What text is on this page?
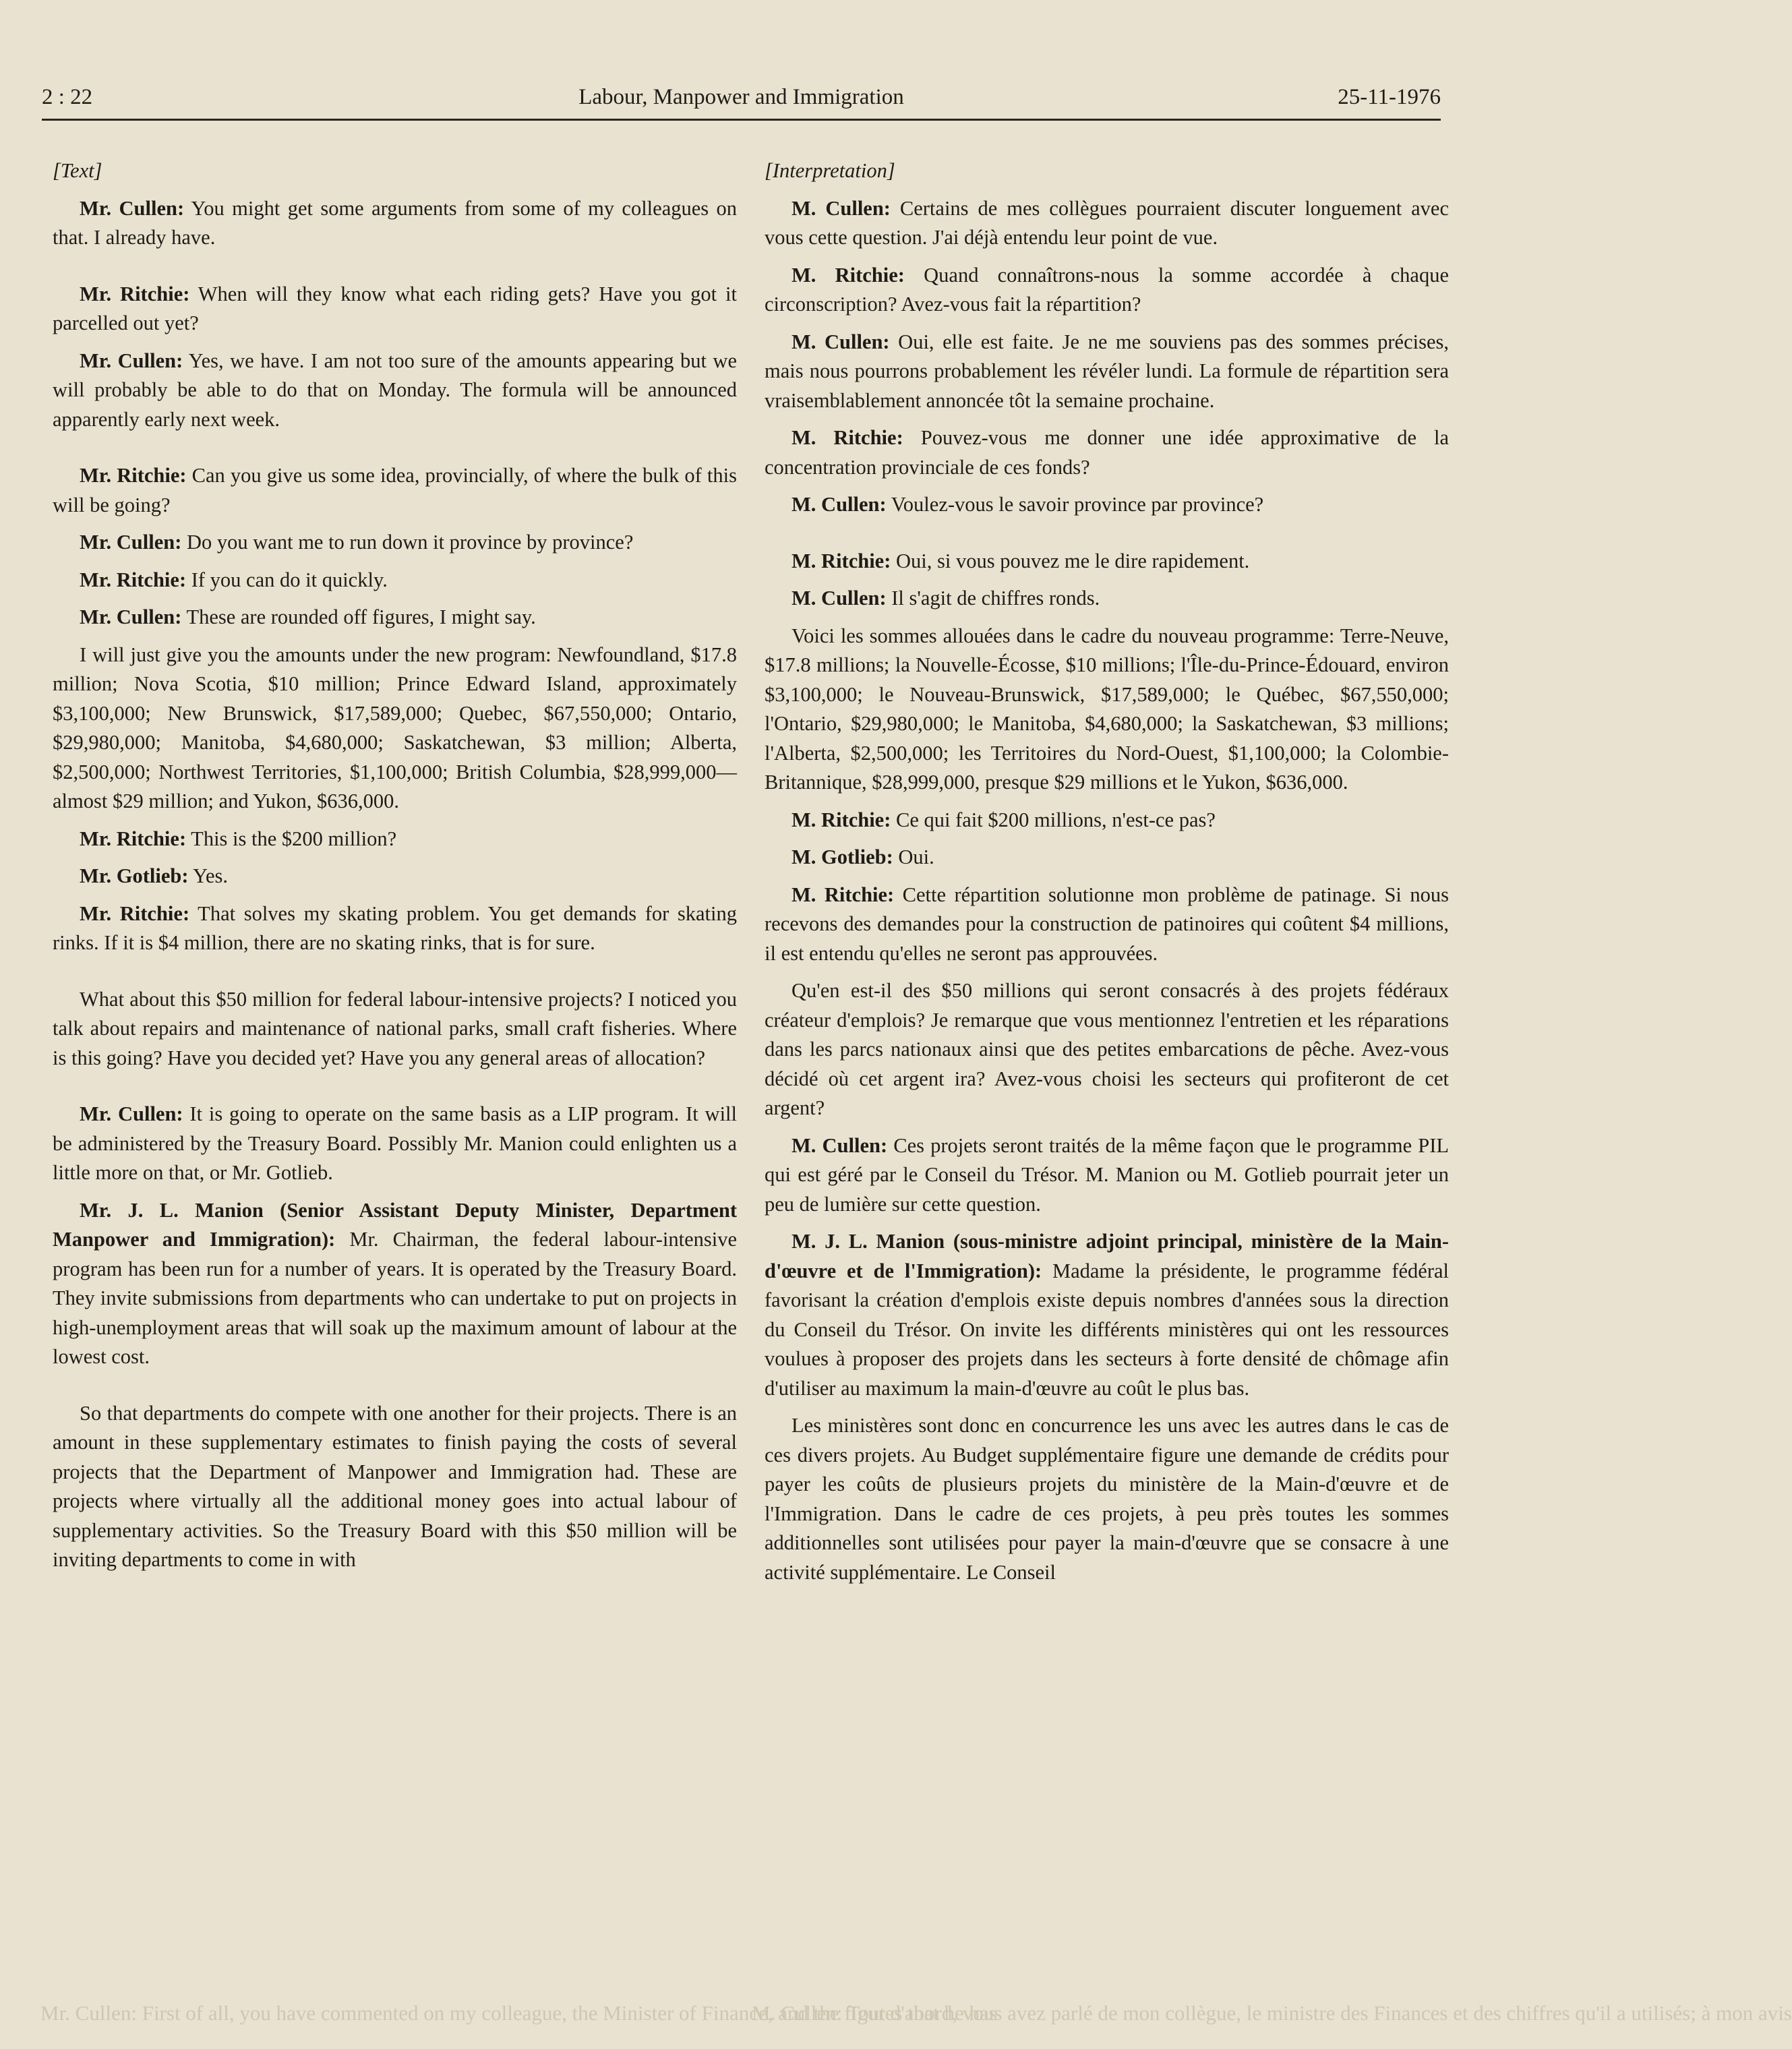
2 : 22	Labour, Manpower and Immigration	25-11-1976

[Text]

Mr. Cullen: You might get some arguments from some of my colleagues on that. I already have.

Mr. Ritchie: When will they know what each riding gets? Have you got it parcelled out yet?

Mr. Cullen: Yes, we have. I am not too sure of the amounts appearing but we will probably be able to do that on Monday. The formula will be announced apparently early next week.

Mr. Ritchie: Can you give us some idea, provincially, of where the bulk of this will be going?

Mr. Cullen: Do you want me to run down it province by province?

Mr. Ritchie: If you can do it quickly.

Mr. Cullen: These are rounded off figures, I might say.

I will just give you the amounts under the new program: Newfoundland, $17.8 million; Nova Scotia, $10 million; Prince Edward Island, approximately $3,100,000; New Brunswick, $17,589,000; Quebec, $67,550,000; Ontario, $29,980,000; Manitoba, $4,680,000; Saskatchewan, $3 million; Alberta, $2,500,000; Northwest Territories, $1,100,000; British Columbia, $28,999,000—almost $29 million; and Yukon, $636,000.

Mr. Ritchie: This is the $200 million?

Mr. Gotlieb: Yes.

Mr. Ritchie: That solves my skating problem. You get demands for skating rinks. If it is $4 million, there are no skating rinks, that is for sure.

What about this $50 million for federal labour-intensive projects? I noticed you talk about repairs and maintenance of national parks, small craft fisheries. Where is this going? Have you decided yet? Have you any general areas of allocation?

Mr. Cullen: It is going to operate on the same basis as a LIP program. It will be administered by the Treasury Board. Possibly Mr. Manion could enlighten us a little more on that, or Mr. Gotlieb.

Mr. J. L. Manion (Senior Assistant Deputy Minister, Department Manpower and Immigration): Mr. Chairman, the federal labour-intensive program has been run for a number of years. It is operated by the Treasury Board. They invite submissions from departments who can undertake to put on projects in high-unemployment areas that will soak up the maximum amount of labour at the lowest cost.

So that departments do compete with one another for their projects. There is an amount in these supplementary estimates to finish paying the costs of several projects that the Department of Manpower and Immigration had. These are projects where virtually all the additional money goes into actual labour of supplementary activities. So the Treasury Board with this $50 million will be inviting departments to come in with

[Interpretation]

M. Cullen: Certains de mes collègues pourraient discuter longuement avec vous cette question. J'ai déjà entendu leur point de vue.

M. Ritchie: Quand connaîtrons-nous la somme accordée à chaque circonscription? Avez-vous fait la répartition?

M. Cullen: Oui, elle est faite. Je ne me souviens pas des sommes précises, mais nous pourrons probablement les révéler lundi. La formule de répartition sera vraisemblablement annoncée tôt la semaine prochaine.

M. Ritchie: Pouvez-vous me donner une idée approximative de la concentration provinciale de ces fonds?

M. Cullen: Voulez-vous le savoir province par province?

M. Ritchie: Oui, si vous pouvez me le dire rapidement.

M. Cullen: Il s'agit de chiffres ronds.

Voici les sommes allouées dans le cadre du nouveau programme: Terre-Neuve, $17.8 millions; la Nouvelle-Écosse, $10 millions; l'Île-du-Prince-Édouard, environ $3,100,000; le Nouveau-Brunswick, $17,589,000; le Québec, $67,550,000; l'Ontario, $29,980,000; le Manitoba, $4,680,000; la Saskatchewan, $3 millions; l'Alberta, $2,500,000; les Territoires du Nord-Ouest, $1,100,000; la Colombie-Britannique, $28,999,000, presque $29 millions et le Yukon, $636,000.

M. Ritchie: Ce qui fait $200 millions, n'est-ce pas?

M. Gotlieb: Oui.

M. Ritchie: Cette répartition solutionne mon problème de patinage. Si nous recevons des demandes pour la construction de patinoires qui coûtent $4 millions, il est entendu qu'elles ne seront pas approuvées.

Qu'en est-il des $50 millions qui seront consacrés à des projets fédéraux créateur d'emplois? Je remarque que vous mentionnez l'entretien et les réparations dans les parcs nationaux ainsi que des petites embarcations de pêche. Avez-vous décidé où cet argent ira? Avez-vous choisi les secteurs qui profiteront de cet argent?

M. Cullen: Ces projets seront traités de la même façon que le programme PIL qui est géré par le Conseil du Trésor. M. Manion ou M. Gotlieb pourrait jeter un peu de lumière sur cette question.

M. J. L. Manion (sous-ministre adjoint principal, ministère de la Main-d'œuvre et de l'Immigration): Madame la présidente, le programme fédéral favorisant la création d'emplois existe depuis nombres d'années sous la direction du Conseil du Trésor. On invite les différents ministères qui ont les ressources voulues à proposer des projets dans les secteurs à forte densité de chômage afin d'utiliser au maximum la main-d'œuvre au coût le plus bas.

Les ministères sont donc en concurrence les uns avec les autres dans le cas de ces divers projets. Au Budget supplémentaire figure une demande de crédits pour payer les coûts de plusieurs projets du ministère de la Main-d'œuvre et de l'Immigration. Dans le cadre de ces projets, à peu près toutes les sommes additionnelles sont utilisées pour payer la main-d'œuvre que se consacre à une activité supplémentaire. Le Conseil

Mr. Cullen: First of all, you have commented on my colleague, the Minister of Finance, and the figures that he hasM. Cullen: Tout d'abord, vous avez parlé de mon collègue, le ministre des Finances et des chiffres qu'il a utilisés; à mon avis
